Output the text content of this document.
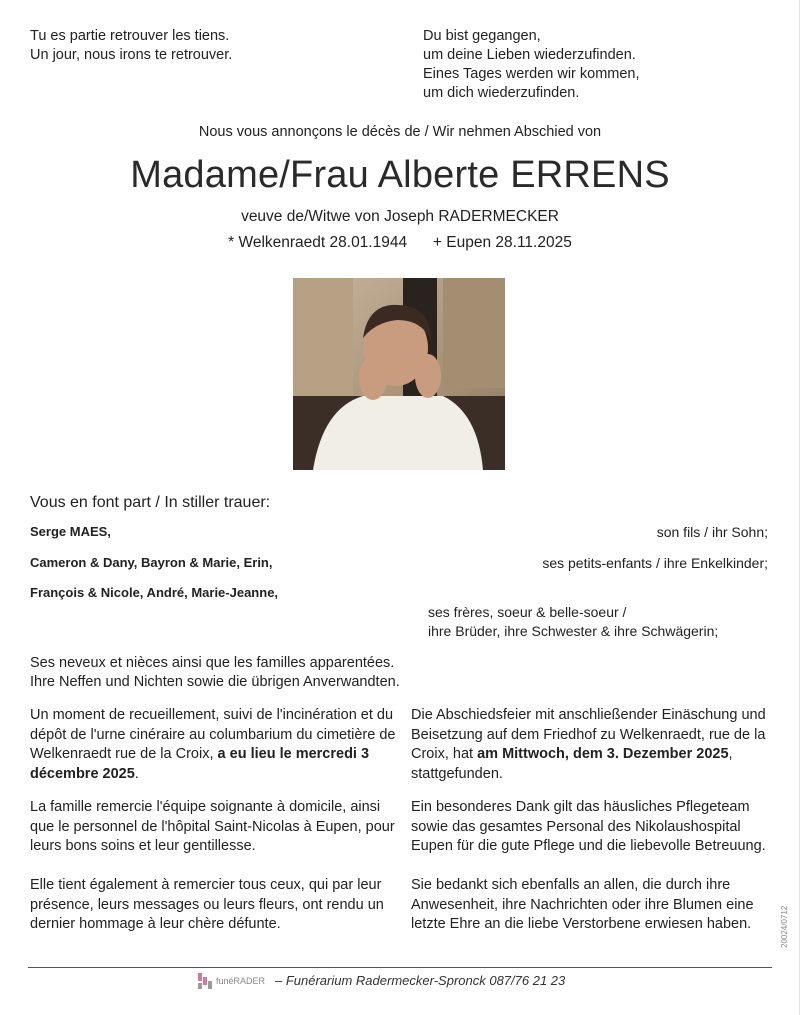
Tu es partie retrouver les tiens.
Un jour, nous irons te retrouver.
Du bist gegangen,
um deine Lieben wiederzufinden.
Eines Tages werden wir kommen,
um dich wiederzufinden.
Nous vous annonçons le décès de / Wir nehmen Abschied von
Madame/Frau Alberte ERRENS
veuve de/Witwe von Joseph RADERMECKER
* Welkenraedt 28.01.1944      + Eupen 28.11.2025
Vous en font part / In stiller trauer:
Serge MAES,	son fils / ihr Sohn;
Cameron & Dany, Bayron & Marie, Erin,	ses petits-enfants / ihre Enkelkinder;
François & Nicole, André, Marie-Jeanne,
ses frères, soeur & belle-soeur /
ihre Brüder, ihre Schwester & ihre Schwägerin;
Ses neveux et nièces ainsi que les familles apparentées.
Ihre Neffen und Nichten sowie die übrigen Anverwandten.

Un moment de recueillement, suivi de l'incinération et du dépôt de l'urne cinéraire au columbarium du cimetière de Welkenraedt rue de la Croix, a eu lieu le mercredi 3 décembre 2025.

La famille remercie l'équipe soignante à domicile, ainsi que le personnel de l'hôpital Saint-Nicolas à Eupen, pour leurs bons soins et leur gentillesse.

Elle tient également à remercier tous ceux, qui par leur présence, leurs messages ou leurs fleurs, ont rendu un dernier hommage à leur chère défunte.

Die Abschiedsfeier mit anschließender Einäschung und Beisetzung auf dem Friedhof zu Welkenraedt, rue de la Croix, hat am Mittwoch, dem 3. Dezember 2025, stattgefunden.

Ein besonderes Dank gilt das häusliches Pflegeteam sowie das gesamtes Personal des Nikolaushospital Eupen für die gute Pflege und die liebevolle Betreuung.

Sie bedankt sich ebenfalls an allen, die durch ihre Anwesenheit, ihre Nachrichten oder ihre Blumen eine letzte Ehre an die liebe Verstorbene erwiesen haben.

funéRADER – Funérarium Radermecker-Spronck 087/76 21 23
20024/0712
